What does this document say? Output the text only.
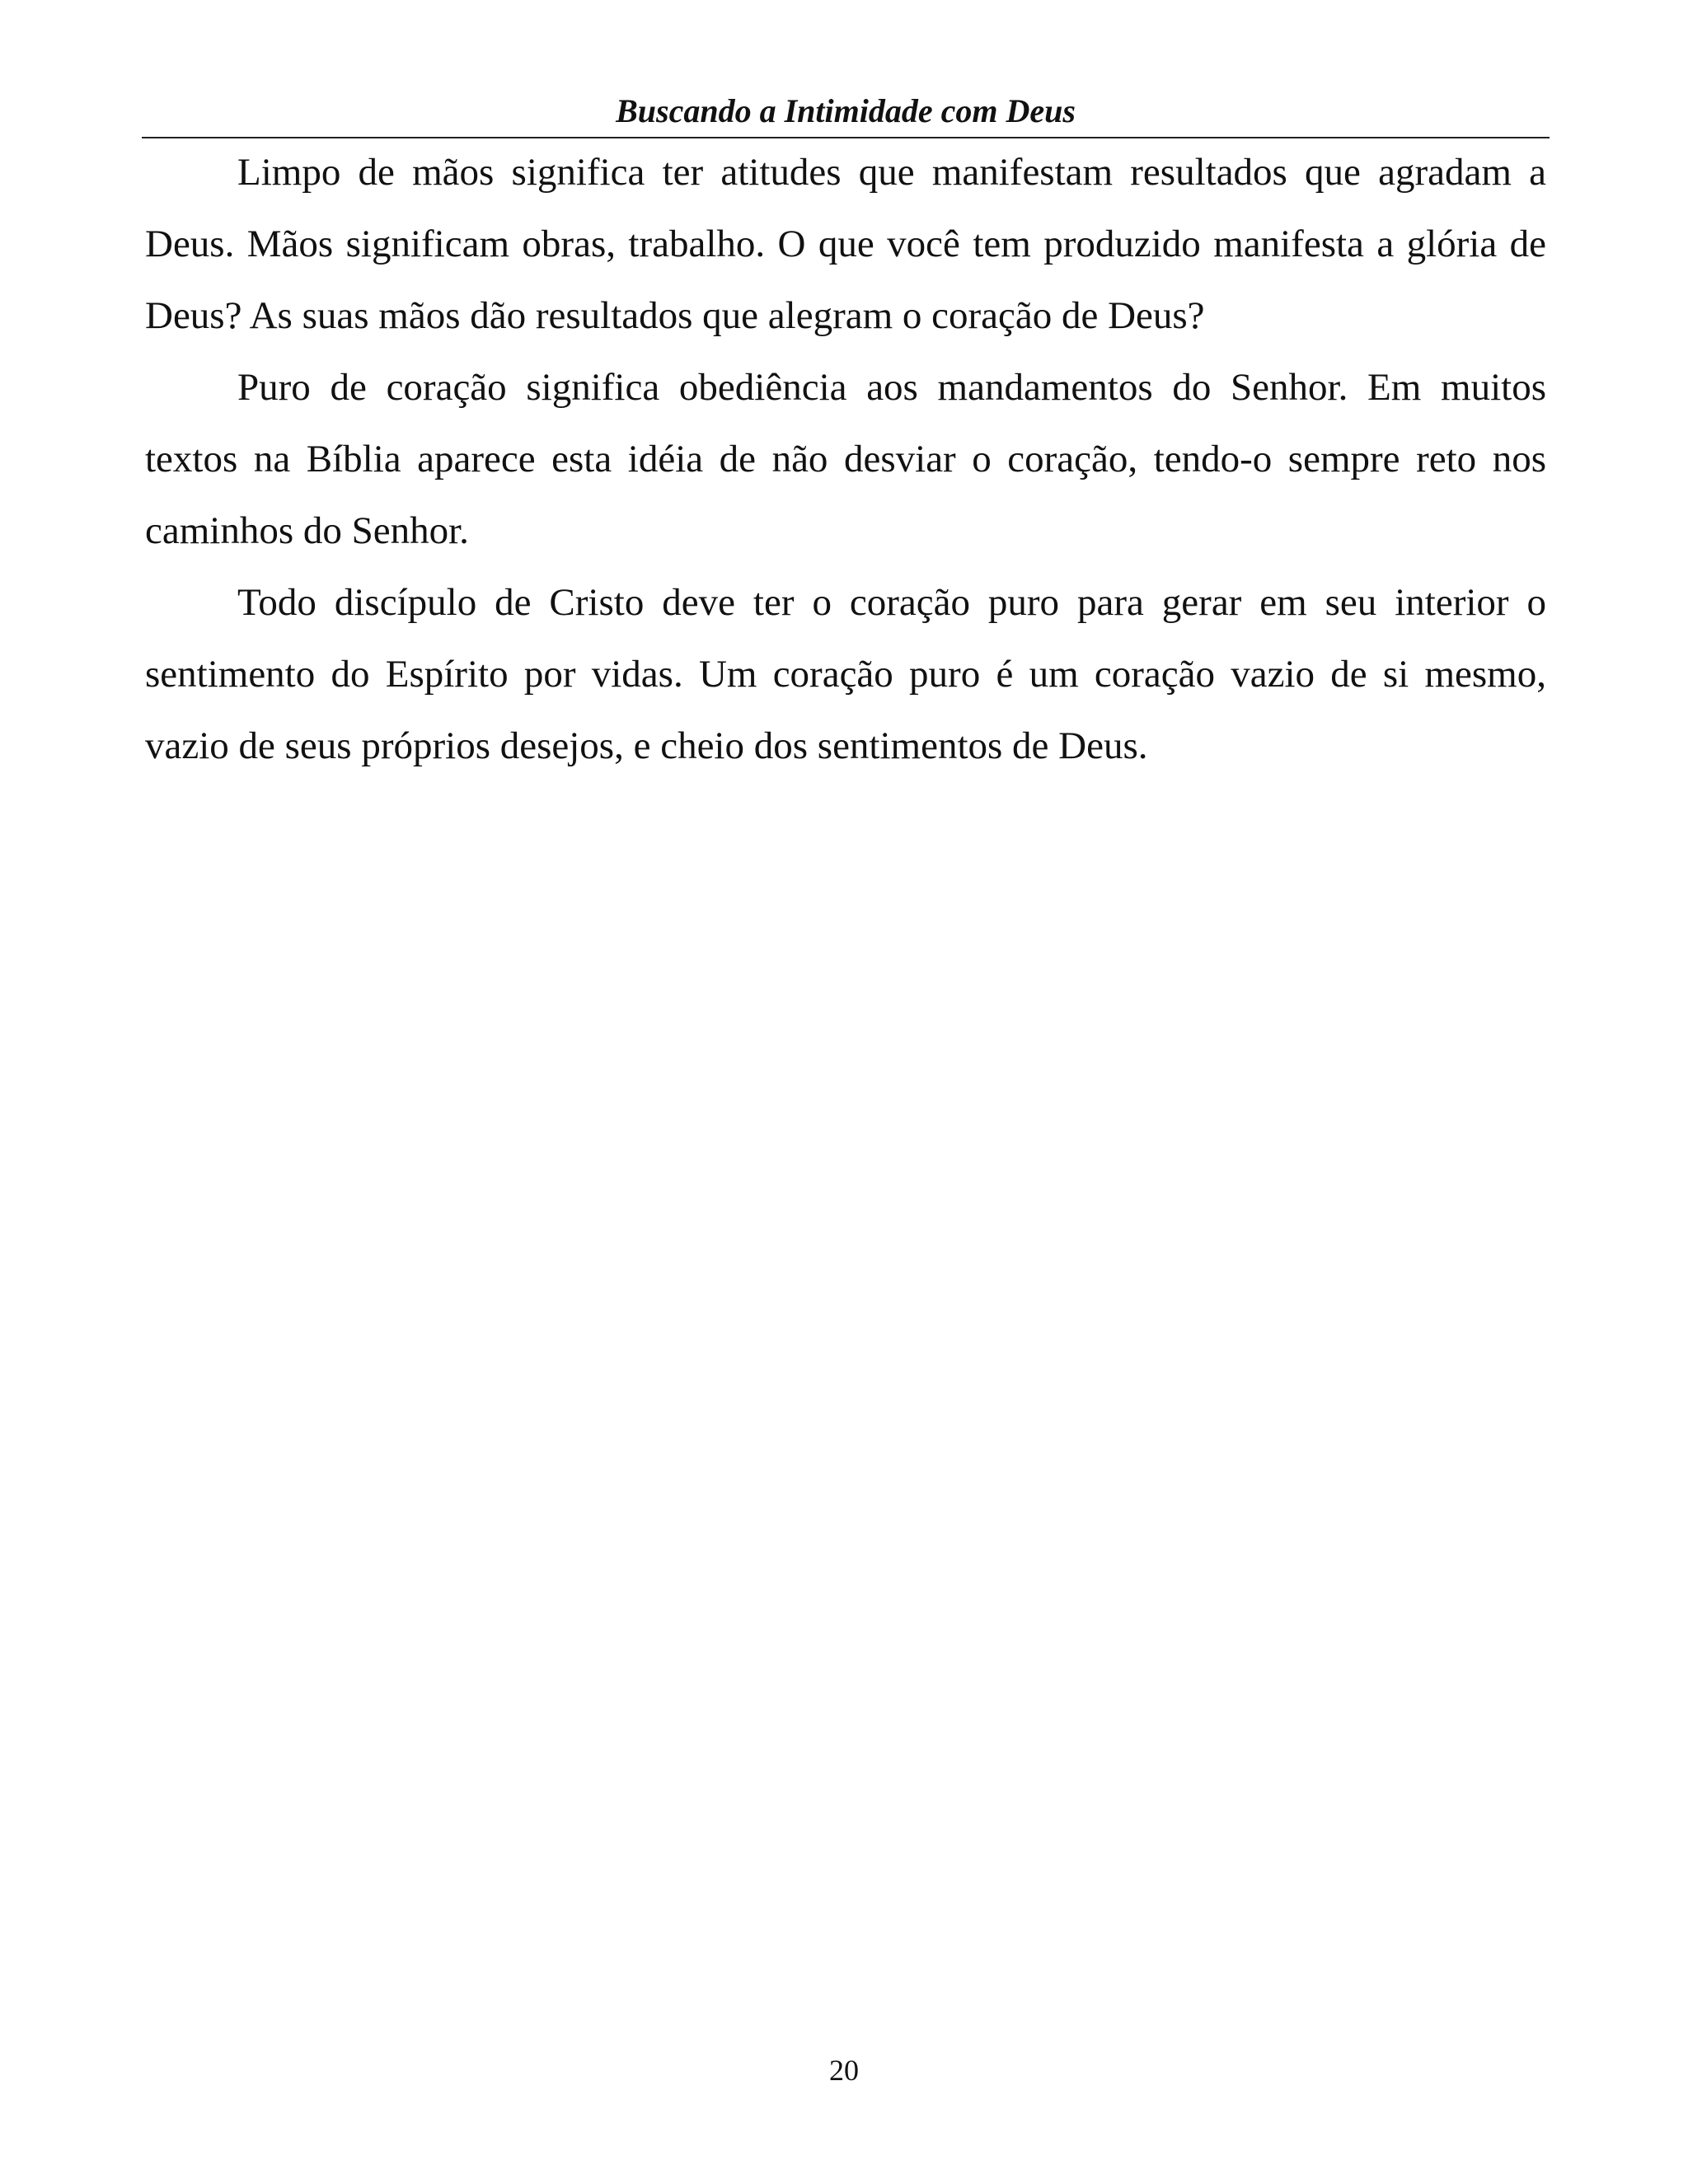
Buscando a Intimidade com Deus

Limpo de mãos significa ter atitudes que manifestam resultados que agradam a Deus. Mãos significam obras, trabalho. O que você tem produzido manifesta a glória de Deus? As suas mãos dão resultados que alegram o coração de Deus?

Puro de coração significa obediência aos mandamentos do Senhor. Em muitos textos na Bíblia aparece esta idéia de não desviar o coração, tendo-o sempre reto nos caminhos do Senhor.

Todo discípulo de Cristo deve ter o coração puro para gerar em seu interior o sentimento do Espírito por vidas. Um coração puro é um coração vazio de si mesmo, vazio de seus próprios desejos, e cheio dos sentimentos de Deus.

20
